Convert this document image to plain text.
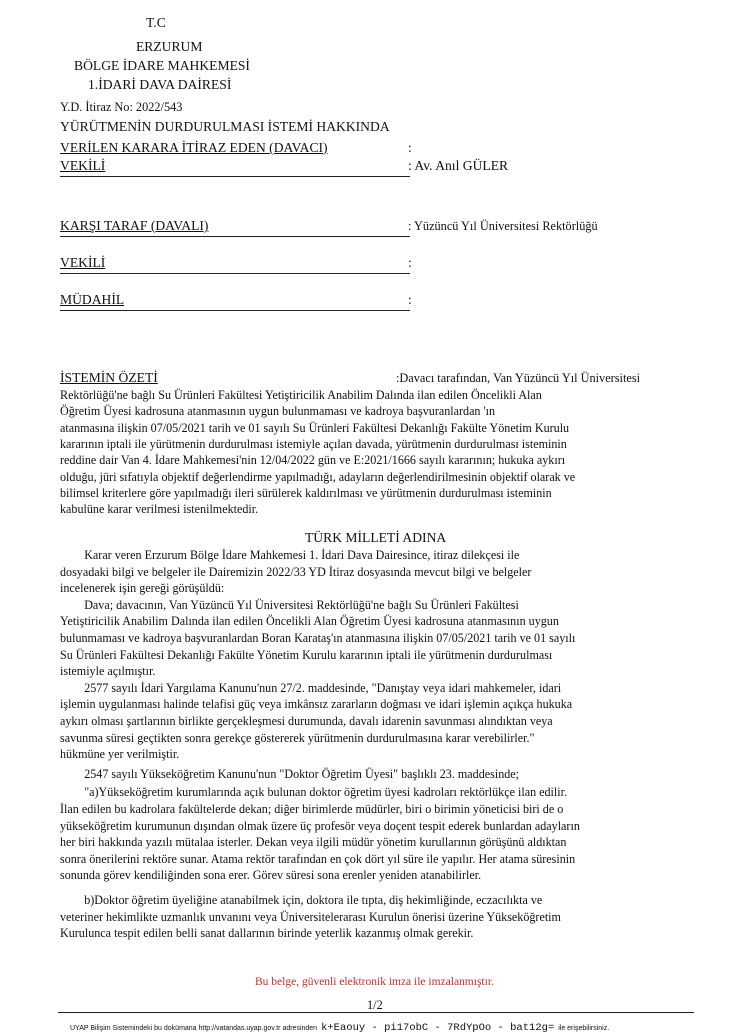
T.C
ERZURUM
BÖLGE İDARE MAHKEMESİ
1.İDARİ DAVA DAİRESİ
Y.D. İtiraz No: 2022/543
YÜRÜTMENİN DURDURULMASI İSTEMİ HAKKINDA
VERİLEN KARARA İTİRAZ EDEN (DAVACI)	:
VEKİLİ	: Av. Anıl GÜLER
KARŞI TARAF (DAVALI)	: Yüzüncü Yıl Üniversitesi Rektörlüğü
VEKİLİ	:
MÜDAHİL	:
İSTEMİN ÖZETİ	:Davacı tarafından, Van Yüzüncü Yıl Üniversitesi
Rektörlüğü'ne bağlı Su Ürünleri Fakültesi Yetiştiricilik Anabilim Dalında ilan edilen Öncelikli Alan
Öğretim Üyesi kadrosuna atanmasının uygun bulunmaması ve kadroya başvuranlardan 'ın
atanmasına ilişkin 07/05/2021 tarih ve 01 sayılı Su Ürünleri Fakültesi Dekanlığı Fakülte Yönetim Kurulu
kararının iptali ile yürütmenin durdurulması istemiyle açılan davada, yürütmenin durdurulması isteminin
reddine dair Van 4. İdare Mahkemesi'nin 12/04/2022 gün ve E:2021/1666 sayılı kararının; hukuka aykırı
olduğu, jüri sıfatıyla objektif değerlendirme yapılmadığı, adayların değerlendirilmesinin objektif olarak ve
bilimsel kriterlere göre yapılmadığı ileri sürülerek kaldırılması ve yürütmenin durdurulması isteminin
kabulüne karar verilmesi istenilmektedir.
TÜRK MİLLETİ ADINA
Karar veren Erzurum Bölge İdare Mahkemesi 1. İdari Dava Dairesince, itiraz dilekçesi ile
dosyadaki bilgi ve belgeler ile Dairemizin 2022/33 YD İtiraz dosyasında mevcut bilgi ve belgeler
incelenerek işin gereği görüşüldü:
Dava; davacının, Van Yüzüncü Yıl Üniversitesi Rektörlüğü'ne bağlı Su Ürünleri Fakültesi
Yetiştiricilik Anabilim Dalında ilan edilen Öncelikli Alan Öğretim Üyesi kadrosuna atanmasının uygun
bulunmaması ve kadroya başvuranlardan Boran Karataş'ın atanmasına ilişkin 07/05/2021 tarih ve 01 sayılı
Su Ürünleri Fakültesi Dekanlığı Fakülte Yönetim Kurulu kararının iptali ile yürütmenin durdurulması
istemiyle açılmıştır.
2577 sayılı İdari Yargılama Kanunu'nun 27/2. maddesinde, "Danıştay veya idari mahkemeler, idari
işlemin uygulanması halinde telafisi güç veya imkânsız zararların doğması ve idari işlemin açıkça hukuka
aykırı olması şartlarının birlikte gerçekleşmesi durumunda, davalı idarenin savunması alındıktan veya
savunma süresi geçtikten sonra gerekçe göstererek yürütmenin durdurulmasına karar verebilirler."
hükmüne yer verilmiştir.
2547 sayılı Yükseköğretim Kanunu'nun "Doktor Öğretim Üyesi" başlıklı 23. maddesinde;
"a)Yükseköğretim kurumlarında açık bulunan doktor öğretim üyesi kadroları rektörlükçe ilan edilir.
İlan edilen bu kadrolara fakültelerde dekan; diğer birimlerde müdürler, biri o birimin yöneticisi biri de o
yükseköğretim kurumunun dışından olmak üzere üç profesör veya doçent tespit ederek bunlardan adayların
her biri hakkında yazılı mütalaa isterler. Dekan veya ilgili müdür yönetim kurullarının görüşünü aldıktan
sonra önerilerini rektöre sunar. Atama rektör tarafından en çok dört yıl süre ile yapılır. Her atama süresinin
sonunda görev kendiliğinden sona erer. Görev süresi sona erenler yeniden atanabilirler.
b)Doktor öğretim üyeliğine atanabilmek için, doktora ile tıpta, diş hekimliğinde, eczacılıkta ve
veteriner hekimlikte uzmanlık unvanını veya Üniversitelerarası Kurulun önerisi üzerine Yükseköğretim
Kurulunca tespit edilen belli sanat dallarının birinde yeterlik kazanmış olmak gerekir.
Bu belge, güvenli elektronik imza ile imzalanmıştır.
1/2
UYAP Bilişim Sistemindeki bu dokümana http://vatandas.uyap.gov.tr adresinden k+Eaouy - pi17obC - 7RdYpOo - bat12g= ile erişebilirsiniz.
